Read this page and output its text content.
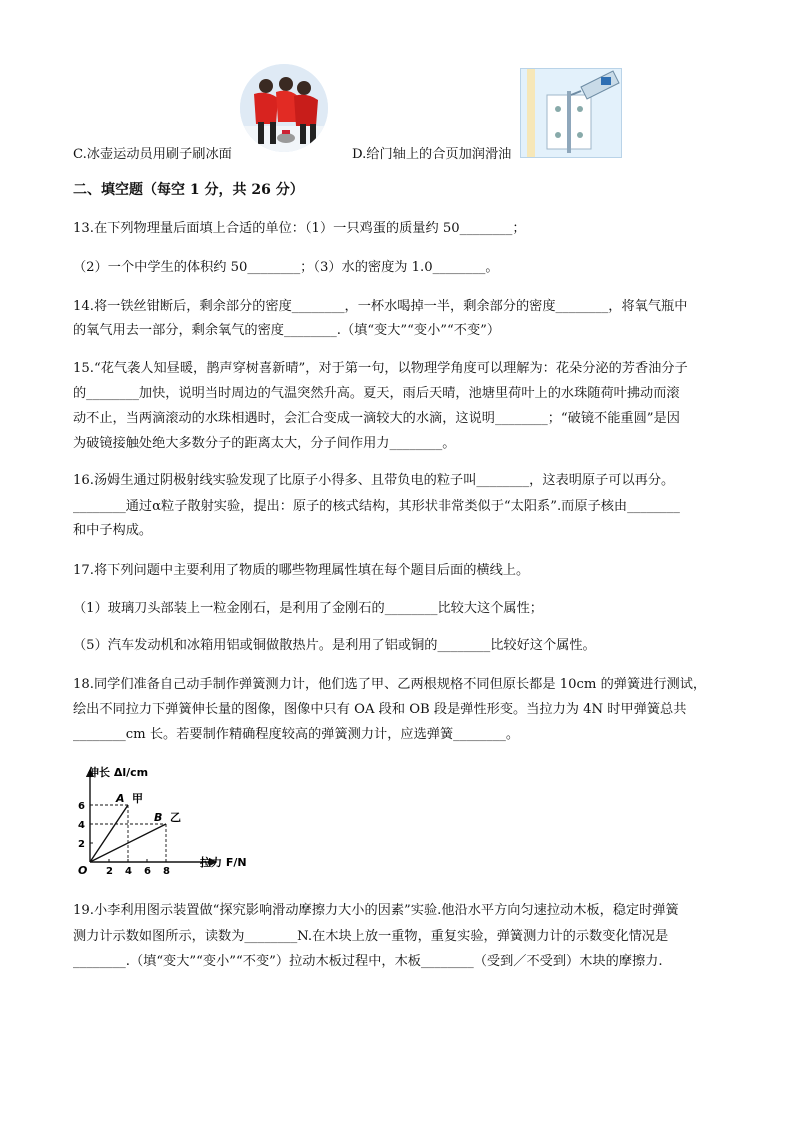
C.冰壶运动员用刷子刷冰面	D.给门轴上的合页加润滑油
二、填空题（每空 1 分，共 26 分）
13.在下列物理量后面填上合适的单位：（1）一只鸡蛋的质量约 50________；
（2）一个中学生的体积约 50________；（3）水的密度为 1.0________。
14.将一铁丝钳断后，剩余部分的密度________，一杯水喝掉一半，剩余部分的密度________，将氧气瓶中
的氧气用去一部分，剩余氧气的密度________.（填“变大”“变小”“不变”）
15.“花气袭人知昼暖，鹊声穿树喜新晴”，对于第一句，以物理学角度可以理解为：花朵分泌的芳香油分子
的________加快，说明当时周边的气温突然升高。夏天，雨后天晴，池塘里荷叶上的水珠随荷叶拂动而滚
动不止，当两滴滚动的水珠相遇时，会汇合变成一滴较大的水滴，这说明________；“破镜不能重圆”是因
为破镜接触处绝大多数分子的距离太大，分子间作用力________。
16.汤姆生通过阴极射线实验发现了比原子小得多、且带负电的粒子叫________，这表明原子可以再分。
________通过α粒子散射实验，提出：原子的核式结构，其形状非常类似于“太阳系”.而原子核由________
和中子构成。
17.将下列问题中主要利用了物质的哪些物理属性填在每个题目后面的横线上。
（1）玻璃刀头部装上一粒金刚石，是利用了金刚石的________比较大这个属性；
（5）汽车发动机和冰箱用铝或铜做散热片。是利用了铝或铜的________比较好这个属性。
18.同学们准备自己动手制作弹簧测力计，他们选了甲、乙两根规格不同但原长都是 10cm 的弹簧进行测试，
绘出不同拉力下弹簧伸长量的图像，图像中只有 OA 段和 OB 段是弹性形变。当拉力为 4N 时甲弹簧总共
________cm 长。若要制作精确程度较高的弹簧测力计，应选弹簧________。
伸长 Δl/cm
拉力 F/N
O 2 4 6 8
2
4
6
A 甲
B 乙
19.小李利用图示装置做“探究影响滑动摩擦力大小的因素”实验.他沿水平方向匀速拉动木板，稳定时弹簧
测力计示数如图所示，读数为________N.在木块上放一重物，重复实验，弹簧测力计的示数变化情况是
________.（填“变大”“变小”“不变”）拉动木板过程中，木板________（受到／不受到）木块的摩擦力.
